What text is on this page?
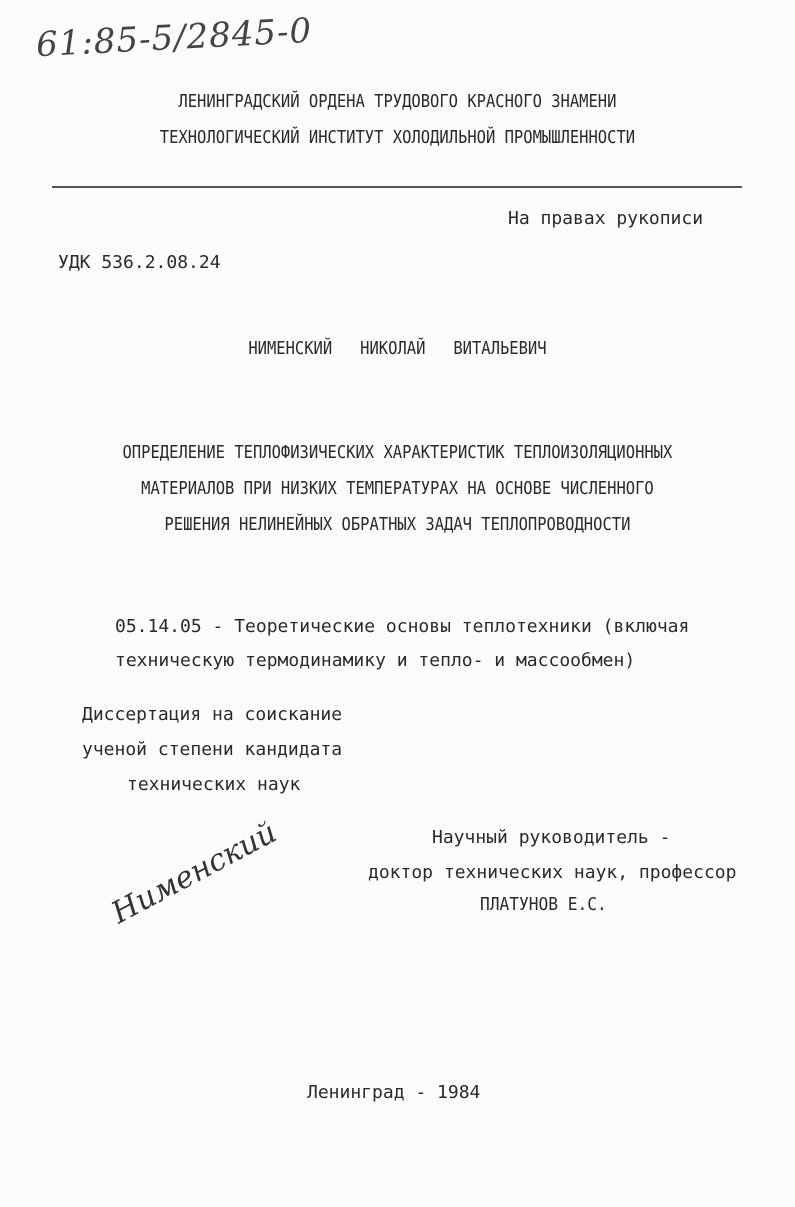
61:85-5/2845-0
ЛЕНИНГРАДСКИЙ ОРДЕНА ТРУДОВОГО КРАСНОГО ЗНАМЕНИ
ТЕХНОЛОГИЧЕСКИЙ ИНСТИТУТ ХОЛОДИЛЬНОЙ ПРОМЫШЛЕННОСТИ
На правах рукописи
УДК 536.2.08.24
НИМЕНСКИЙ   НИКОЛАЙ   ВИТАЛЬЕВИЧ
ОПРЕДЕЛЕНИЕ ТЕПЛОФИЗИЧЕСКИХ ХАРАКТЕРИСТИК ТЕПЛОИЗОЛЯЦИОННЫХ
МАТЕРИАЛОВ ПРИ НИЗКИХ ТЕМПЕРАТУРАХ НА ОСНОВЕ ЧИСЛЕННОГО
РЕШЕНИЯ НЕЛИНЕЙНЫХ ОБРАТНЫХ ЗАДАЧ ТЕПЛОПРОВОДНОСТИ
05.14.05 - Теоретические основы теплотехники (включая
техническую термодинамику и тепло- и массообмен)
Диссертация на соискание
ученой степени кандидата
технических наук
Научный руководитель -
доктор технических наук, профессор
ПЛАТУНОВ Е.С.
Нименский
Ленинград - 1984
